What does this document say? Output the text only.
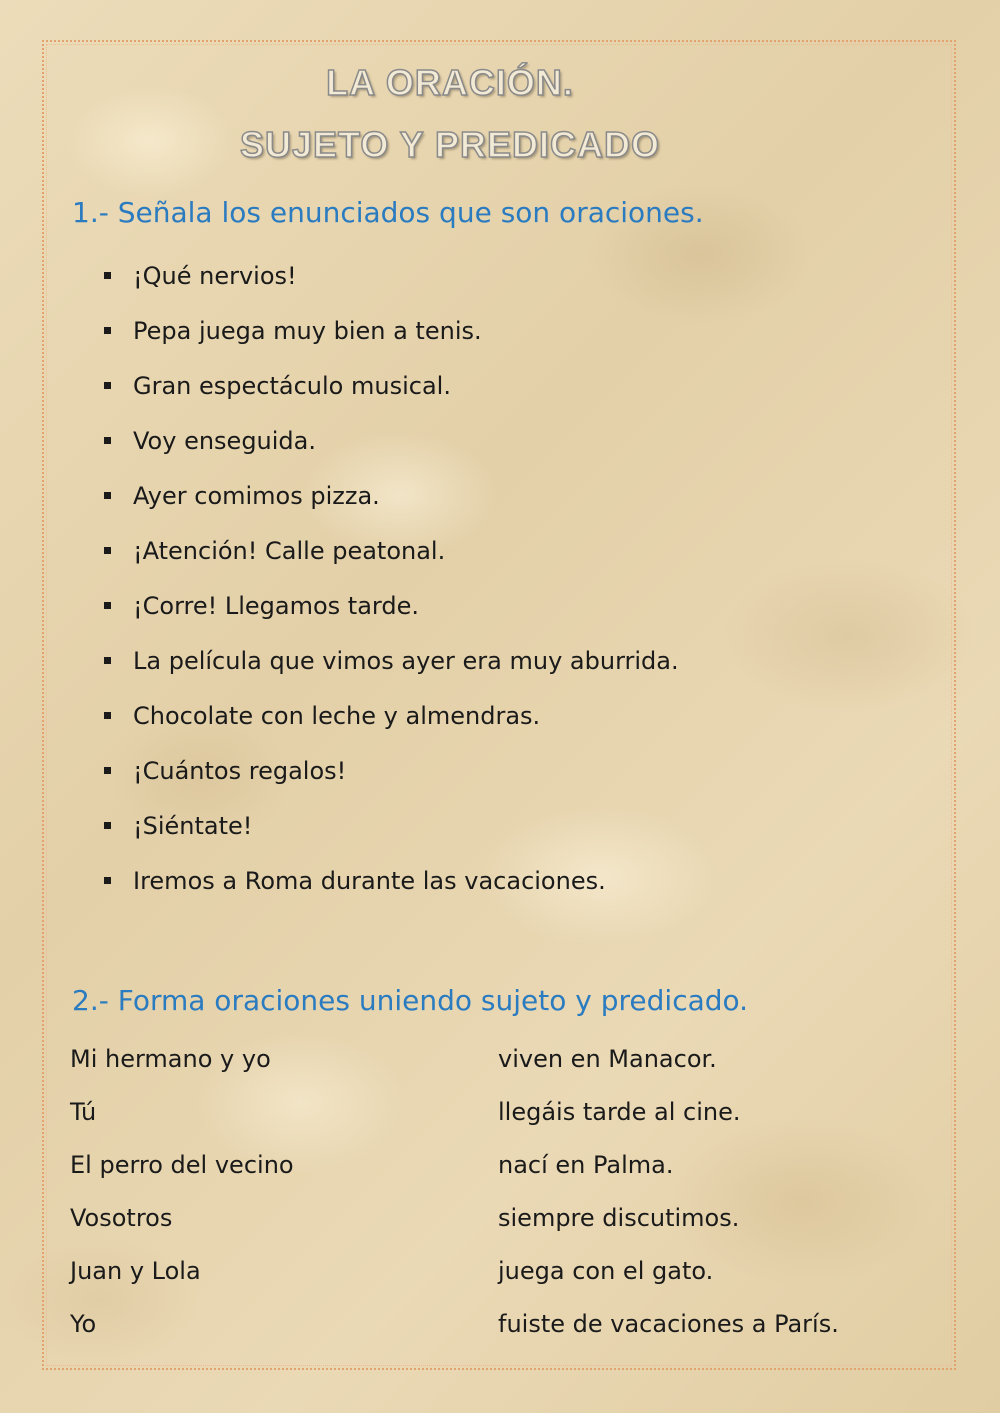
LA ORACIÓN.
SUJETO Y PREDICADO
1.- Señala los enunciados que son oraciones.
¡Qué nervios!
Pepa juega muy bien a tenis.
Gran espectáculo musical.
Voy enseguida.
Ayer comimos pizza.
¡Atención! Calle peatonal.
¡Corre! Llegamos tarde.
La película que vimos ayer era muy aburrida.
Chocolate con leche y almendras.
¡Cuántos regalos!
¡Siéntate!
Iremos a Roma durante las vacaciones.
2.- Forma oraciones uniendo sujeto y predicado.
Mi hermano y yo	viven en Manacor.
Tú	llegáis tarde al cine.
El perro del vecino	nací en Palma.
Vosotros	siempre discutimos.
Juan y Lola	juega con el gato.
Yo	fuiste de vacaciones a París.
